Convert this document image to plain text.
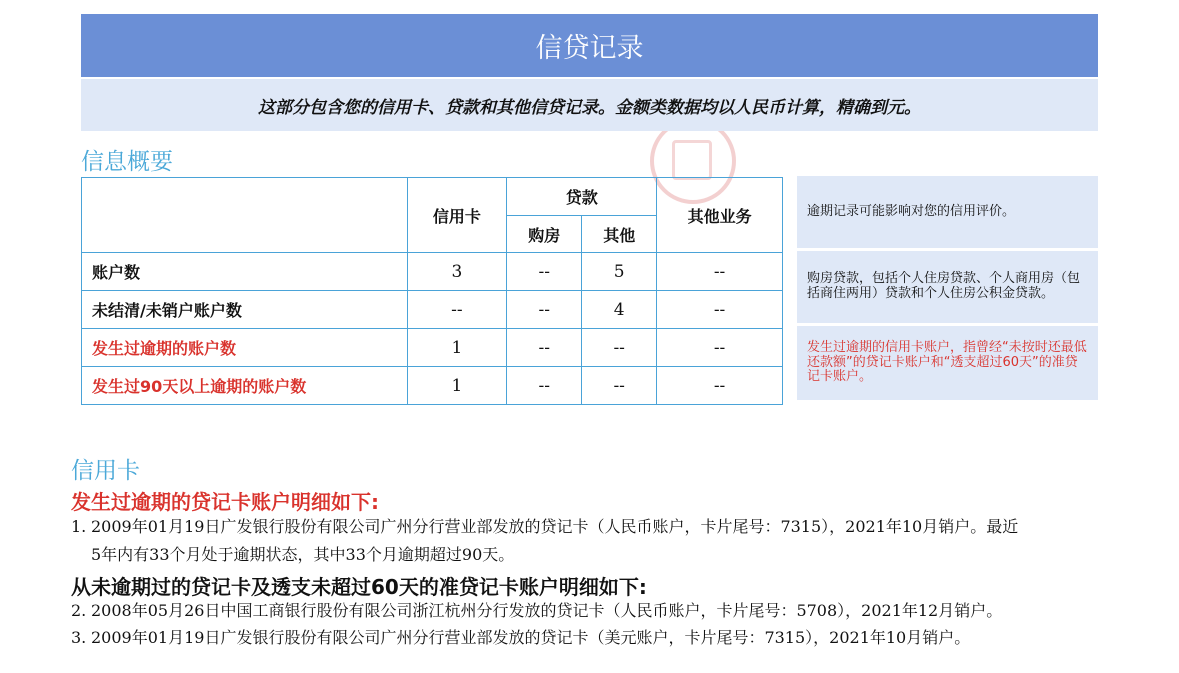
信贷记录
这部分包含您的信用卡、贷款和其他信贷记录。金额类数据均以人民币计算，精确到元。
信息概要
	信用卡	贷款		其他业务
		购房	其他	
账户数	3	--	5	--
未结清/未销户账户数	--	--	4	--
发生过逾期的账户数	1	--	--	--
发生过90天以上逾期的账户数	1	--	--	--
逾期记录可能影响对您的信用评价。
购房贷款，包括个人住房贷款、个人商用房（包括商住两用）贷款和个人住房公积金贷款。
发生过逾期的信用卡账户，指曾经“未按时还最低还款额”的贷记卡账户和“透支超过60天”的准贷记卡账户。
信用卡
发生过逾期的贷记卡账户明细如下:
1. 2009年01月19日广发银行股份有限公司广州分行营业部发放的贷记卡（人民币账户，卡片尾号：7315），2021年10月销户。最近
5年内有33个月处于逾期状态，其中33个月逾期超过90天。
从未逾期过的贷记卡及透支未超过60天的准贷记卡账户明细如下:
2. 2008年05月26日中国工商银行股份有限公司浙江杭州分行发放的贷记卡（人民币账户，卡片尾号：5708），2021年12月销户。
3. 2009年01月19日广发银行股份有限公司广州分行营业部发放的贷记卡（美元账户，卡片尾号：7315），2021年10月销户。
